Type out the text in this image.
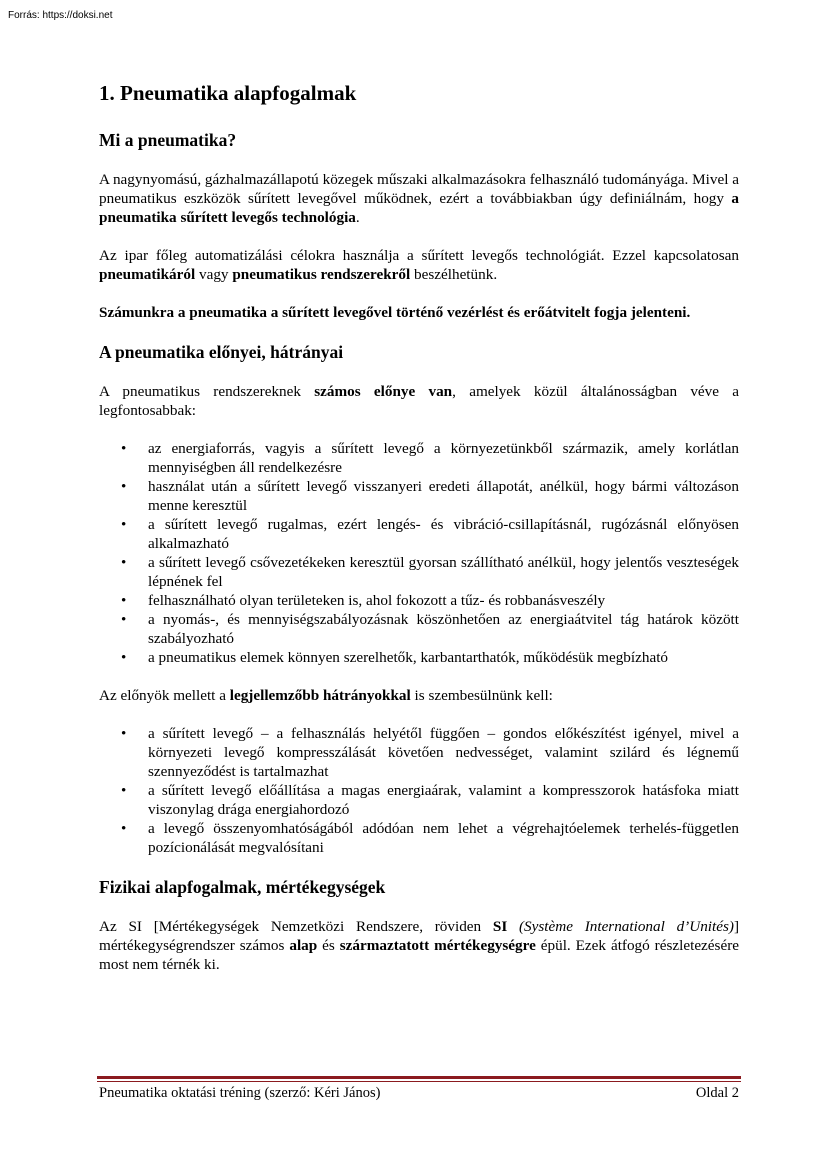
Forrás: https://doksi.net
1. Pneumatika alapfogalmak
Mi a pneumatika?

A nagynyomású, gázhalmazállapotú közegek műszaki alkalmazásokra felhasználó tudományága. Mivel a pneumatikus eszközök sűrített levegővel működnek, ezért a továbbiakban úgy definiálnám, hogy a pneumatika sűrített levegős technológia.

Az ipar főleg automatizálási célokra használja a sűrített levegős technológiát. Ezzel kapcsolatosan pneumatikáról vagy pneumatikus rendszerekről beszélhetünk.

Számunkra a pneumatika a sűrített levegővel történő vezérlést és erőátvitelt fogja jelenteni.

A pneumatika előnyei, hátrányai

A pneumatikus rendszereknek számos előnye van, amelyek közül általánosságban véve a legfontosabbak:

• az energiaforrás, vagyis a sűrített levegő a környezetünkből származik, amely korlátlan mennyiségben áll rendelkezésre
• használat után a sűrített levegő visszanyeri eredeti állapotát, anélkül, hogy bármi változáson menne keresztül
• a sűrített levegő rugalmas, ezért lengés- és vibráció-csillapításnál, rugózásnál előnyösen alkalmazható
• a sűrített levegő csővezetékeken keresztül gyorsan szállítható anélkül, hogy jelentős veszteségek lépnének fel
• felhasználható olyan területeken is, ahol fokozott a tűz- és robbanásveszély
• a nyomás-, és mennyiségszabályozásnak köszönhetően az energiaátvitel tág határok között szabályozható
• a pneumatikus elemek könnyen szerelhetők, karbantarthatók, működésük megbízható

Az előnyök mellett a legjellemzőbb hátrányokkal is szembesülnünk kell:

• a sűrített levegő – a felhasználás helyétől függően – gondos előkészítést igényel, mivel a környezeti levegő kompresszálását követően nedvességet, valamint szilárd és légnemű szennyeződést is tartalmazhat
• a sűrített levegő előállítása a magas energiaárak, valamint a kompresszorok hatásfoka miatt viszonylag drága energiahordozó
• a levegő összenyomhatóságából adódóan nem lehet a végrehajtóelemek terhelés-független pozícionálását megvalósítani
Fizikai alapfogalmak, mértékegységek

Az SI [Mértékegységek Nemzetközi Rendszere, röviden SI (Système International d’Unités)] mértékegységrendszer számos alap és származtatott mértékegységre épül. Ezek átfogó részletezésére most nem térnék ki.

Pneumatika oktatási tréning (szerző: Kéri János)	Oldal 2
